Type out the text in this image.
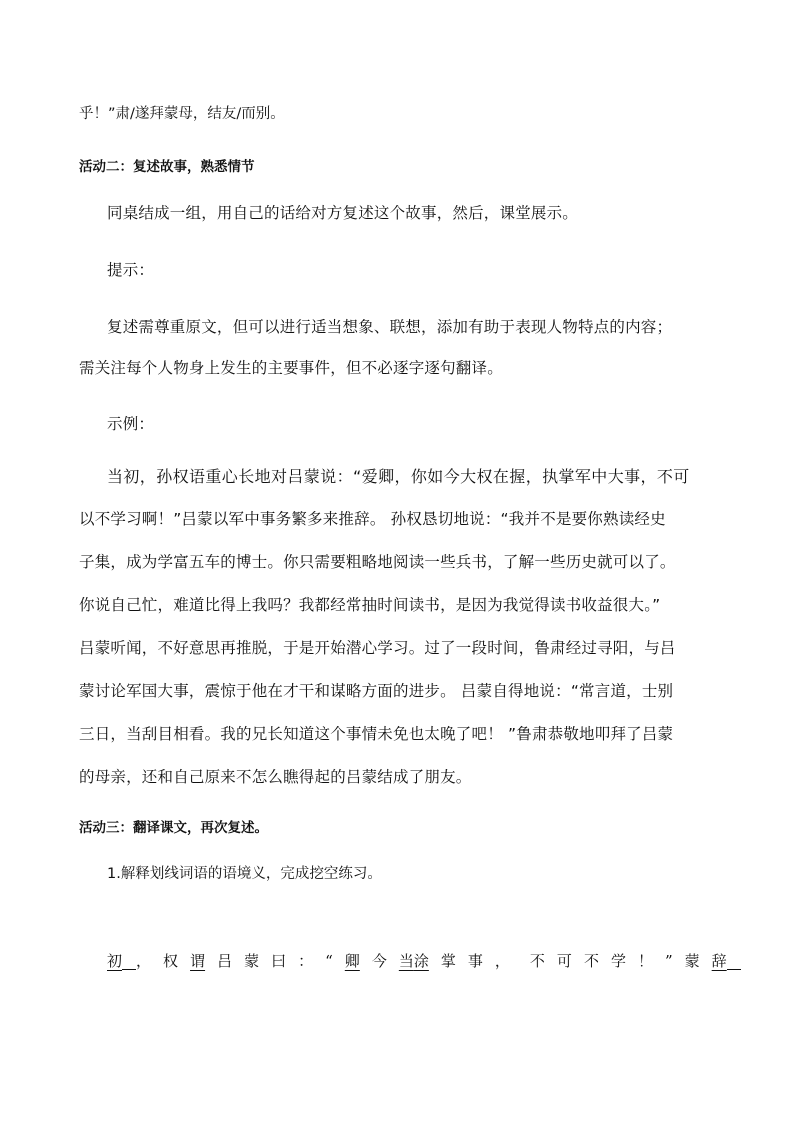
乎！”肃/遂拜蒙母，结友/而别。
活动二：复述故事，熟悉情节
同桌结成一组，用自己的话给对方复述这个故事，然后，课堂展示。
提示：
复述需尊重原文，但可以进行适当想象、联想，添加有助于表现人物特点的内容；
需关注每个人物身上发生的主要事件，但不必逐字逐句翻译。
示例：
当初，孙权语重心长地对吕蒙说：“爱卿，你如今大权在握，执掌军中大事，不可
以不学习啊！”吕蒙以军中事务繁多来推辞。 孙权恳切地说：“我并不是要你熟读经史
子集，成为学富五车的博士。你只需要粗略地阅读一些兵书，了解一些历史就可以了。
你说自己忙，难道比得上我吗？我都经常抽时间读书，是因为我觉得读书收益很大。”
吕蒙听闻，不好意思再推脱，于是开始潜心学习。过了一段时间，鲁肃经过寻阳，与吕
蒙讨论军国大事，震惊于他在才干和谋略方面的进步。 吕蒙自得地说：“常言道，士别
三日，当刮目相看。我的兄长知道这个事情未免也太晚了吧！ ”鲁肃恭敬地叩拜了吕蒙
的母亲，还和自己原来不怎么瞧得起的吕蒙结成了朋友。
活动三：翻译课文，再次复述。
1.解释划线词语的语境义，完成挖空练习。
初 ， 权 谓 吕 蒙 曰 ： “ 卿 今 当涂 掌 事 ， 不 可 不 学 ！ ” 蒙 辞
